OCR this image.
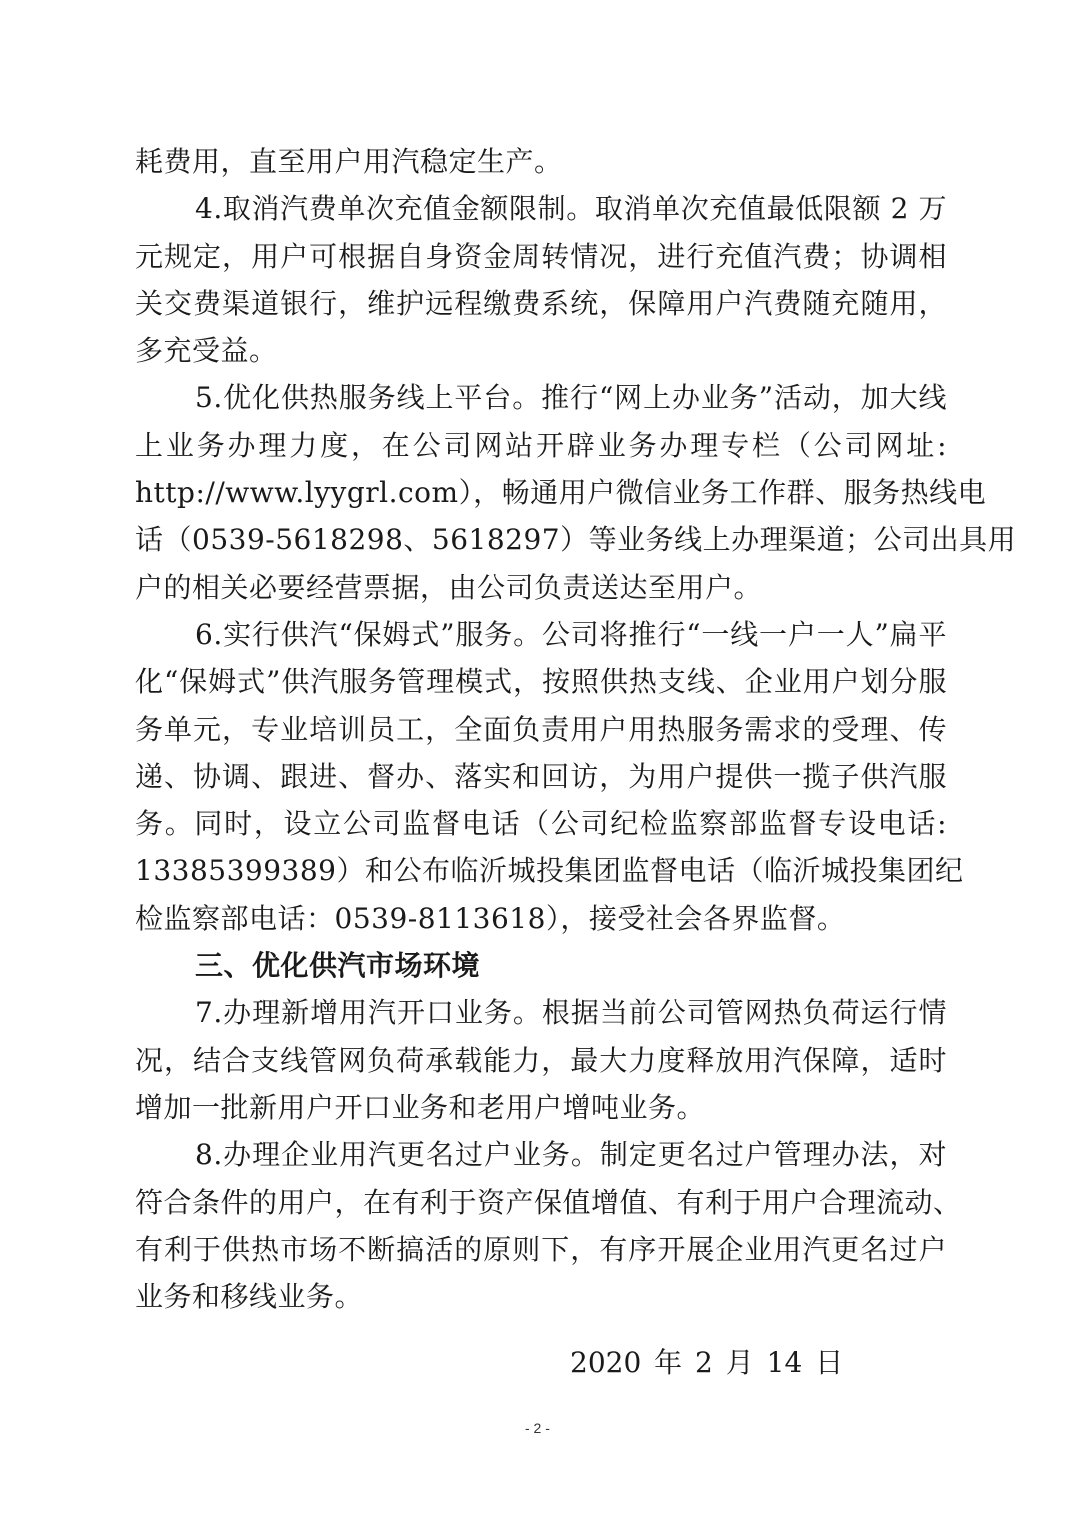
耗费用，直至用户用汽稳定生产。
4.取消汽费单次充值金额限制。取消单次充值最低限额 2 万
元规定，用户可根据自身资金周转情况，进行充值汽费；协调相
关交费渠道银行，维护远程缴费系统，保障用户汽费随充随用，
多充受益。
5.优化供热服务线上平台。推行“网上办业务”活动，加大线
上业务办理力度，在公司网站开辟业务办理专栏（公司网址:
http://www.lyygrl.com），畅通用户微信业务工作群、服务热线电
话（0539-5618298、5618297）等业务线上办理渠道；公司出具用
户的相关必要经营票据，由公司负责送达至用户。
6.实行供汽“保姆式”服务。公司将推行“一线一户一人”扁平
化“保姆式”供汽服务管理模式，按照供热支线、企业用户划分服
务单元，专业培训员工，全面负责用户用热服务需求的受理、传
递、协调、跟进、督办、落实和回访，为用户提供一揽子供汽服
务。同时，设立公司监督电话（公司纪检监察部监督专设电话:
13385399389）和公布临沂城投集团监督电话（临沂城投集团纪
检监察部电话：0539-8113618），接受社会各界监督。
三、优化供汽市场环境
7.办理新增用汽开口业务。根据当前公司管网热负荷运行情
况，结合支线管网负荷承载能力，最大力度释放用汽保障，适时
增加一批新用户开口业务和老用户增吨业务。
8.办理企业用汽更名过户业务。制定更名过户管理办法，对
符合条件的用户，在有利于资产保值增值、有利于用户合理流动、
有利于供热市场不断搞活的原则下，有序开展企业用汽更名过户
业务和移线业务。
2020 年 2 月 14 日
- 2 -
